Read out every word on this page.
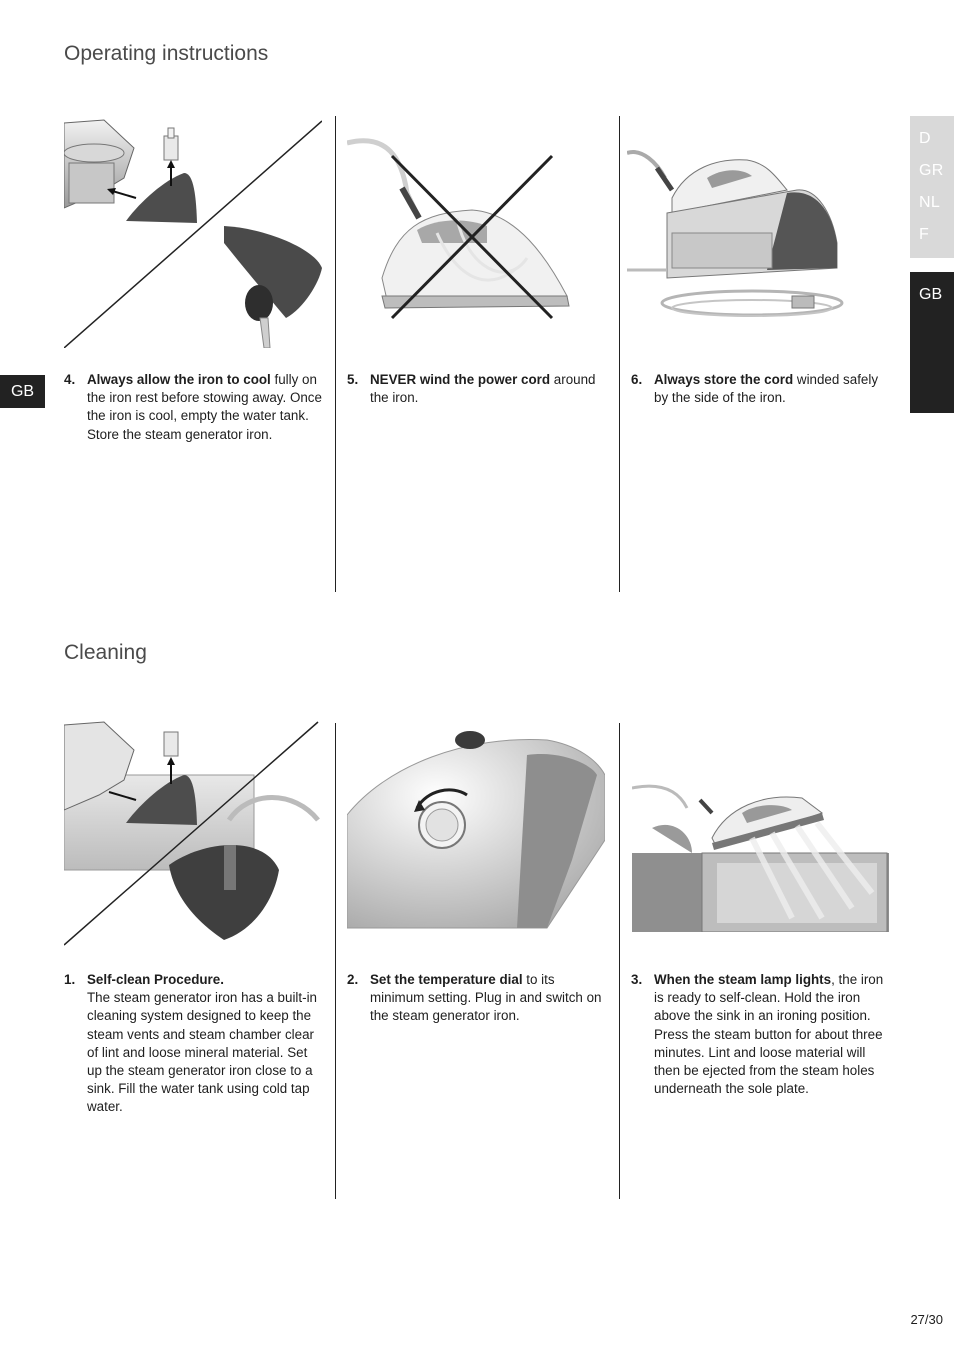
Operating instructions
Cleaning
4. Always allow the iron to cool fully on the iron rest before stowing away. Once the iron is cool, empty the water tank. Store the steam generator iron.
5. NEVER wind the power cord around the iron.
6. Always store the cord winded safely by the side of the iron.
1. Self-clean Procedure.
The steam generator iron has a built-in cleaning system designed to keep the steam vents and steam chamber clear of lint and loose mineral material. Set up the steam generator iron close to a sink. Fill the water tank using cold tap water.
2. Set the temperature dial to its minimum setting. Plug in and switch on the steam generator iron.
3. When the steam lamp lights, the iron is ready to self-clean. Hold the iron above the sink in an ironing position. Press the steam button for about three minutes. Lint and loose material will then be ejected from the steam holes underneath the sole plate.
D
GR
NL
F
GB
GB
27/30
